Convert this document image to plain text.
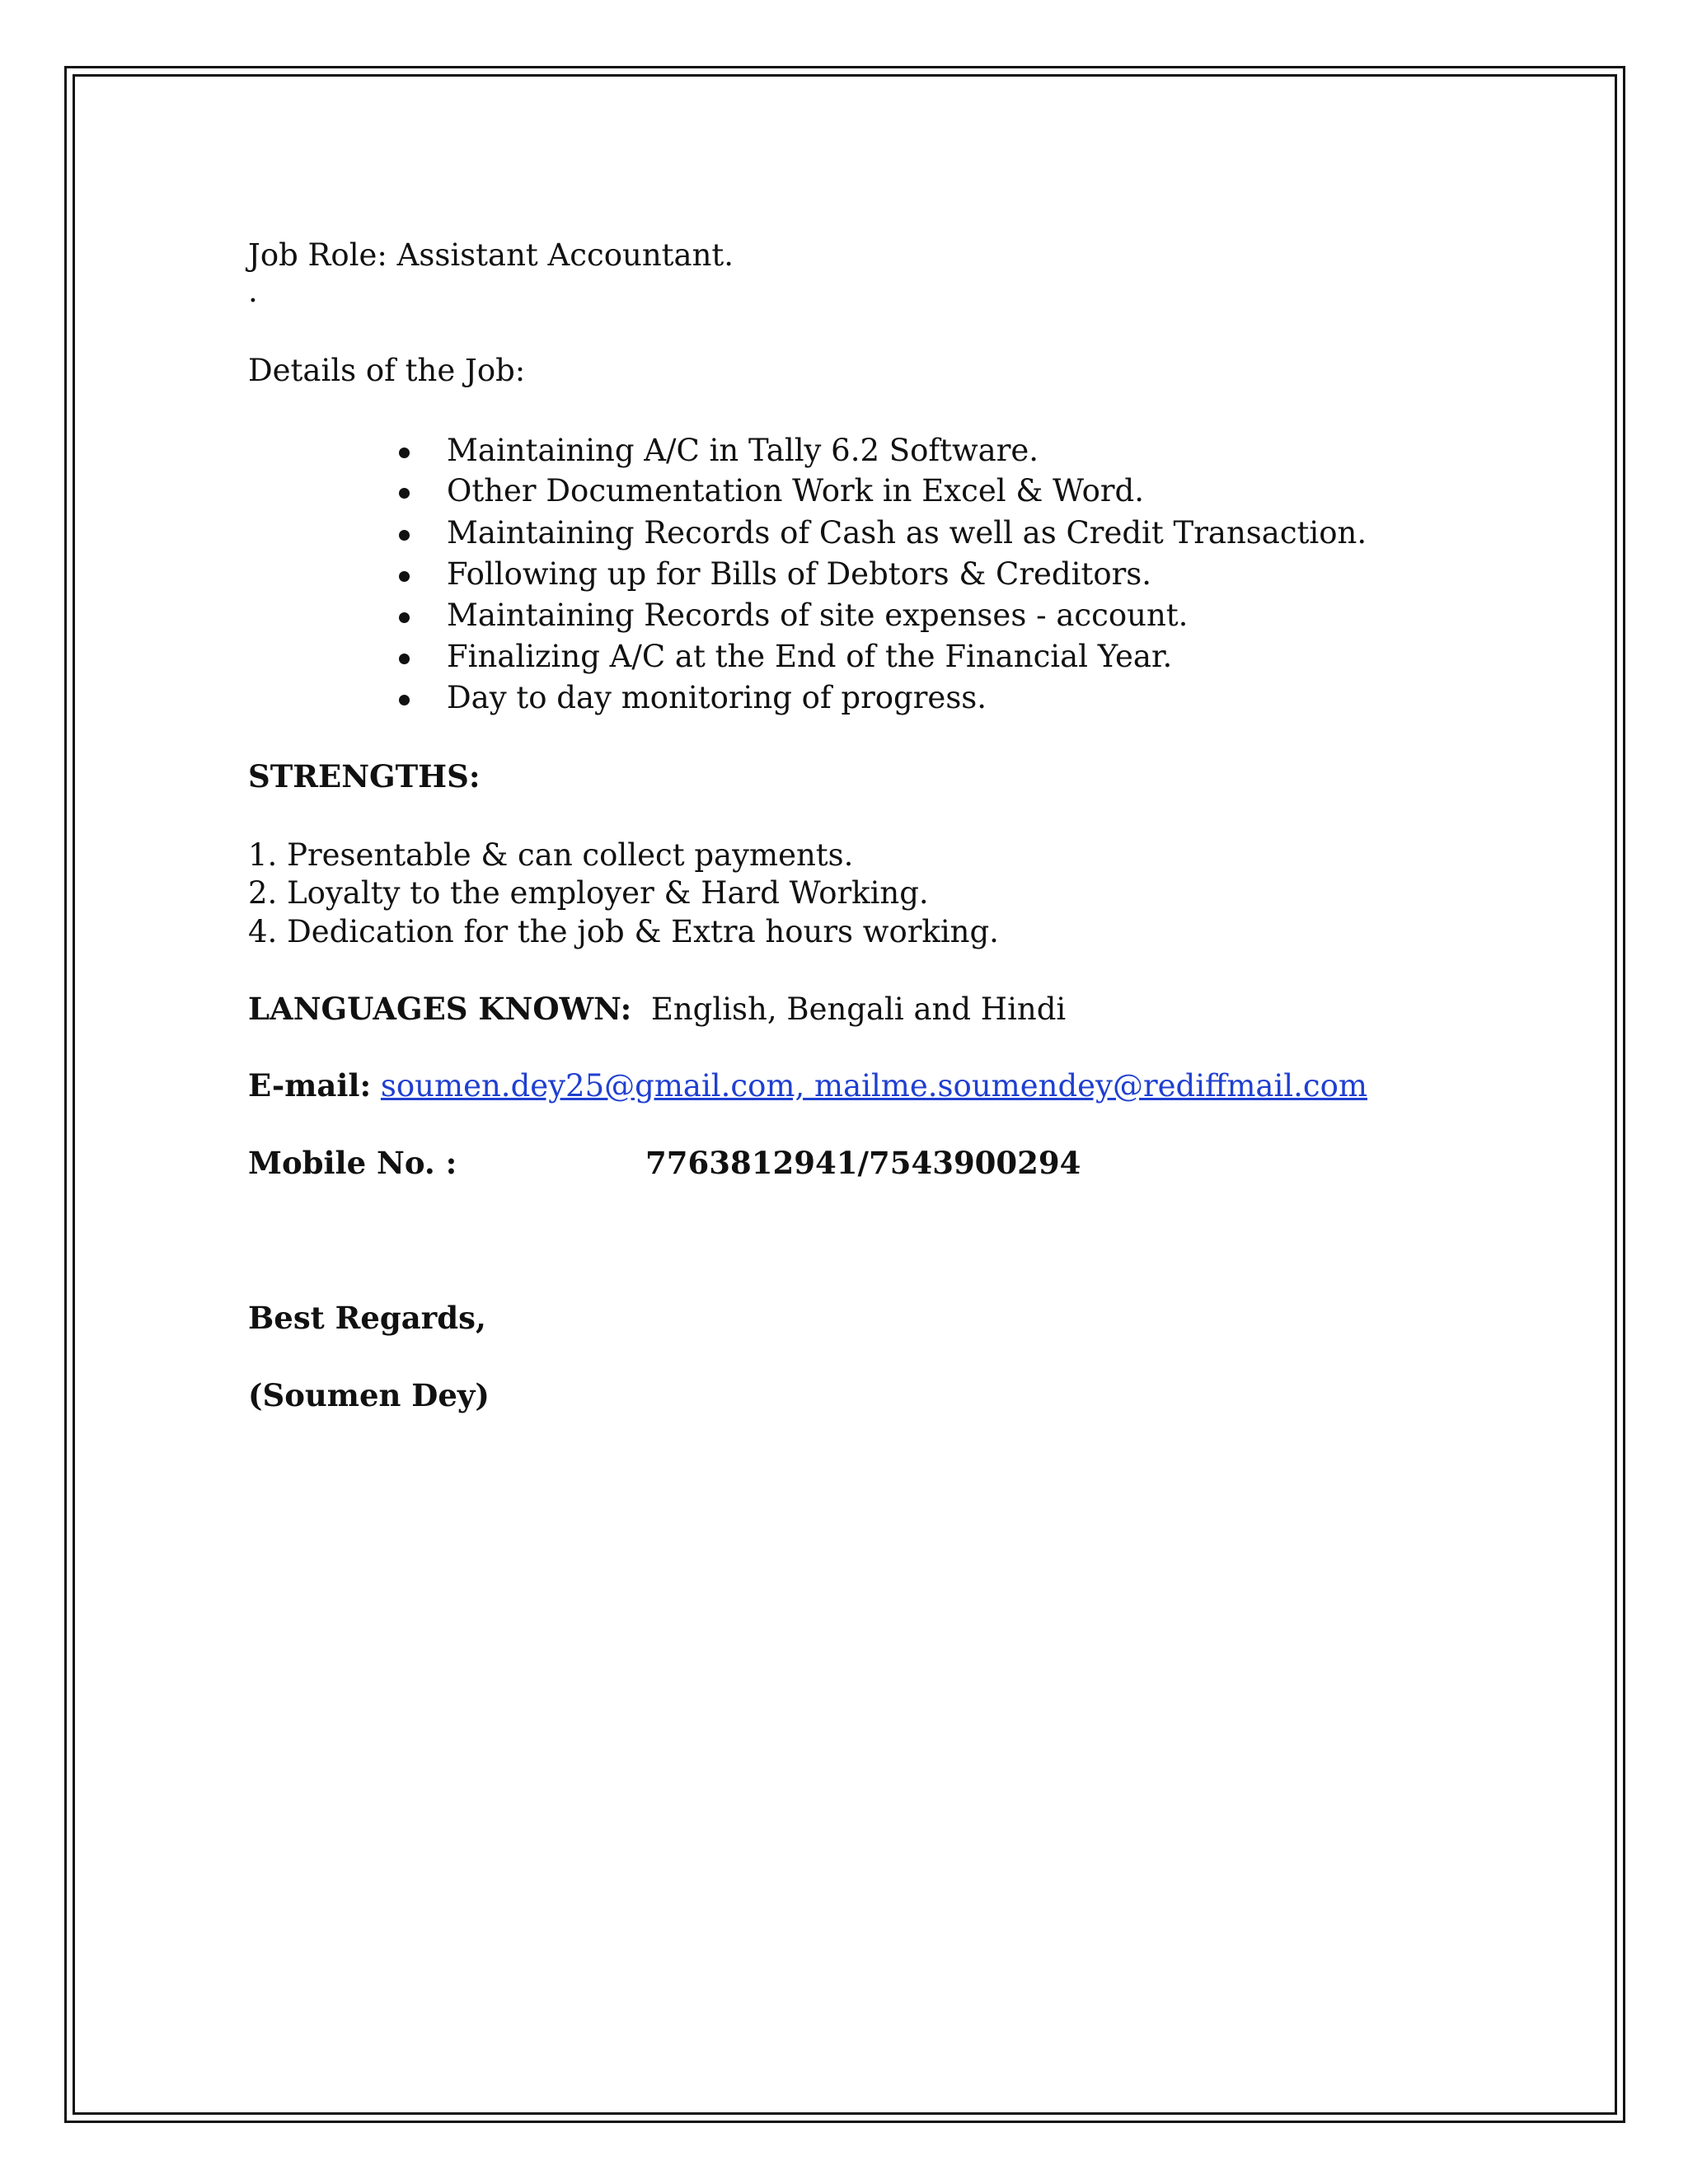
Job Role: Assistant Accountant.
.
Details of the Job:
Maintaining A/C in Tally 6.2 Software.
Other Documentation Work in Excel & Word.
Maintaining Records of Cash as well as Credit Transaction.
Following up for Bills of Debtors & Creditors.
Maintaining Records of site expenses - account.
Finalizing A/C at the End of the Financial Year.
Day to day monitoring of progress.
STRENGTHS:
1. Presentable & can collect payments.
2. Loyalty to the employer & Hard Working.
4. Dedication for the job & Extra hours working.
LANGUAGES KNOWN: English, Bengali and Hindi
E-mail: soumen.dey25@gmail.com, mailme.soumendey@rediffmail.com
Mobile No. :	7763812941/7543900294
Best Regards,
(Soumen Dey)
